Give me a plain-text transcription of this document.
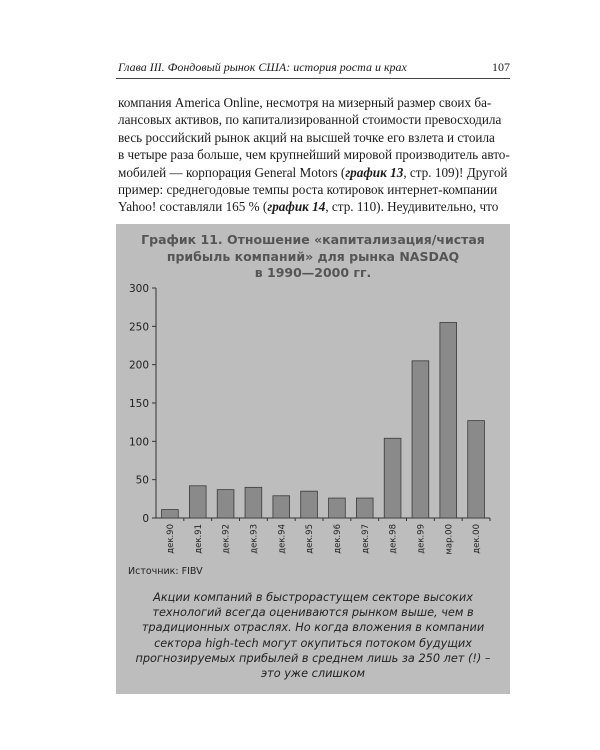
Глава III. Фондовый рынок США: история роста и крах	107

компания America Online, несмотря на мизерный размер своих ба-

лансовых активов, по капитализированной стоимости превосходила

весь российский рынок акций на высшей точке его взлета и стоила

в четыре раза больше, чем крупнейший мировой производитель авто-

мобилей — корпорация General Motors (график 13, стр. 109)! Другой

пример: среднегодовые темпы роста котировок интернет-компании

Yahoo! составляли 165 % (график 14, стр. 110). Неудивительно, что

График 11. Отношение «капитализация/чистая
прибыль компаний» для рынка NASDAQ
в 1990—2000 гг.
0
50
100
150
200
250
300
дек.90 дек.91 дек.92 дек.93 дек.94 дек.95 дек.96 дек.97 дек.98 дек.99 мар.00 дек.00
Источник: FIBV
Акции компаний в быстрорастущем секторе высоких
технологий всегда оцениваются рынком выше, чем в
традиционных отраслях. Но когда вложения в компании
сектора high-tech могут окупиться потоком будущих
прогнозируемых прибылей в среднем лишь за 250 лет (!) –
это уже слишком
